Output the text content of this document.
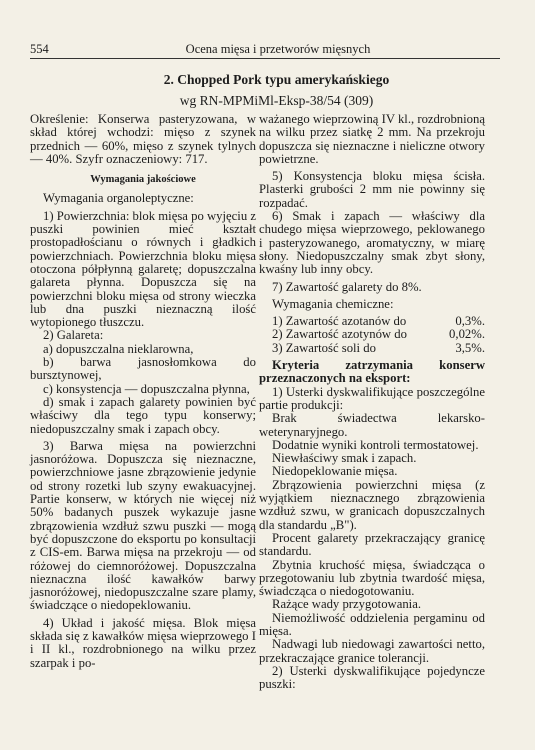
554	Ocena mięsa i przetworów mięsnych
2. Chopped Pork typu amerykańskiego
wg RN-MPMiMl-Eksp-38/54 (309)

Określenie: Konserwa pasteryzowana, w skład której wchodzi: mięso z szynek przednich — 60%, mięso z szynek tylnych — 40%. Szyfr oznaczeniowy: 717.

Wymagania jakościowe

Wymagania organoleptyczne:

1) Powierzchnia: blok mięsa po wyjęciu z puszki powinien mieć kształt prostopadłościanu o równych i gładkich powierzchniach. Powierzchnia bloku mięsa otoczona półpłynną galaretę; dopuszczalna galareta płynna. Dopuszcza się na powierzchni bloku mięsa od strony wieczka lub dna puszki nieznaczną ilość wytopionego tłuszczu.

2) Galareta:

a) dopuszczalna nieklarowna,

b) barwa jasnosłomkowa do bursztynowej,

c) konsystencja — dopuszczalna płynna,

d) smak i zapach galarety powinien być właściwy dla tego typu konserwy; niedopuszczalny smak i zapach obcy.

3) Barwa mięsa na powierzchni jasnoróżowa. Dopuszcza się nieznaczne, powierzchniowe jasne zbrązowienie jedynie od strony rozetki lub szyny ewakuacyjnej. Partie konserw, w których nie więcej niż 50% badanych puszek wykazuje jasne zbrązowienia wzdłuż szwu puszki — mogą być dopuszczone do eksportu po konsultacji z CIS-em. Barwa mięsa na przekroju — od różowej do ciemnoróżowej. Dopuszczalna nieznaczna ilość kawałków barwy jasnoróżowej, niedopuszczalne szare plamy, świadczące o niedopeklowaniu.

4) Układ i jakość mięsa. Blok mięsa składa się z kawałków mięsa wieprzowego I i II kl., rozdrobnionego na wilku przez szarpak i po-

ważanego wieprzowiną IV kl., rozdrobnioną na wilku przez siatkę 2 mm. Na przekroju dopuszcza się nieznaczne i nieliczne otwory powietrzne.

5) Konsystencja bloku mięsa ścisła. Plasterki grubości 2 mm nie powinny się rozpadać.

6) Smak i zapach — właściwy dla chudego mięsa wieprzowego, peklowanego i pasteryzowanego, aromatyczny, w miarę słony. Niedopuszczalny smak zbyt słony, kwaśny lub inny obcy.

7) Zawartość galarety do 8%.

Wymagania chemiczne:

1) Zawartość azotanów do	0,3%.

2) Zawartość azotynów do	0,02%.

3) Zawartość soli do	3,5%.

Kryteria zatrzymania konserw przeznaczonych na eksport:

1) Usterki dyskwalifikujące poszczególne partie produkcji:

Brak świadectwa lekarsko-weterynaryjnego.

Dodatnie wyniki kontroli termostatowej.

Niewłaściwy smak i zapach.

Niedopeklowanie mięsa.

Zbrązowienia powierzchni mięsa (z wyjątkiem nieznacznego zbrązowienia wzdłuż szwu, w granicach dopuszczalnych dla standardu „B").

Procent galarety przekraczający granicę standardu.

Zbytnia kruchość mięsa, świadcząca o przegotowaniu lub zbytnia twardość mięsa, świadcząca o niedogotowaniu.

Rażące wady przygotowania.

Niemożliwość oddzielenia pergaminu od mięsa.

Nadwagi lub niedowagi zawartości netto, przekraczające granice tolerancji.

2) Usterki dyskwalifikujące pojedyncze puszki:
